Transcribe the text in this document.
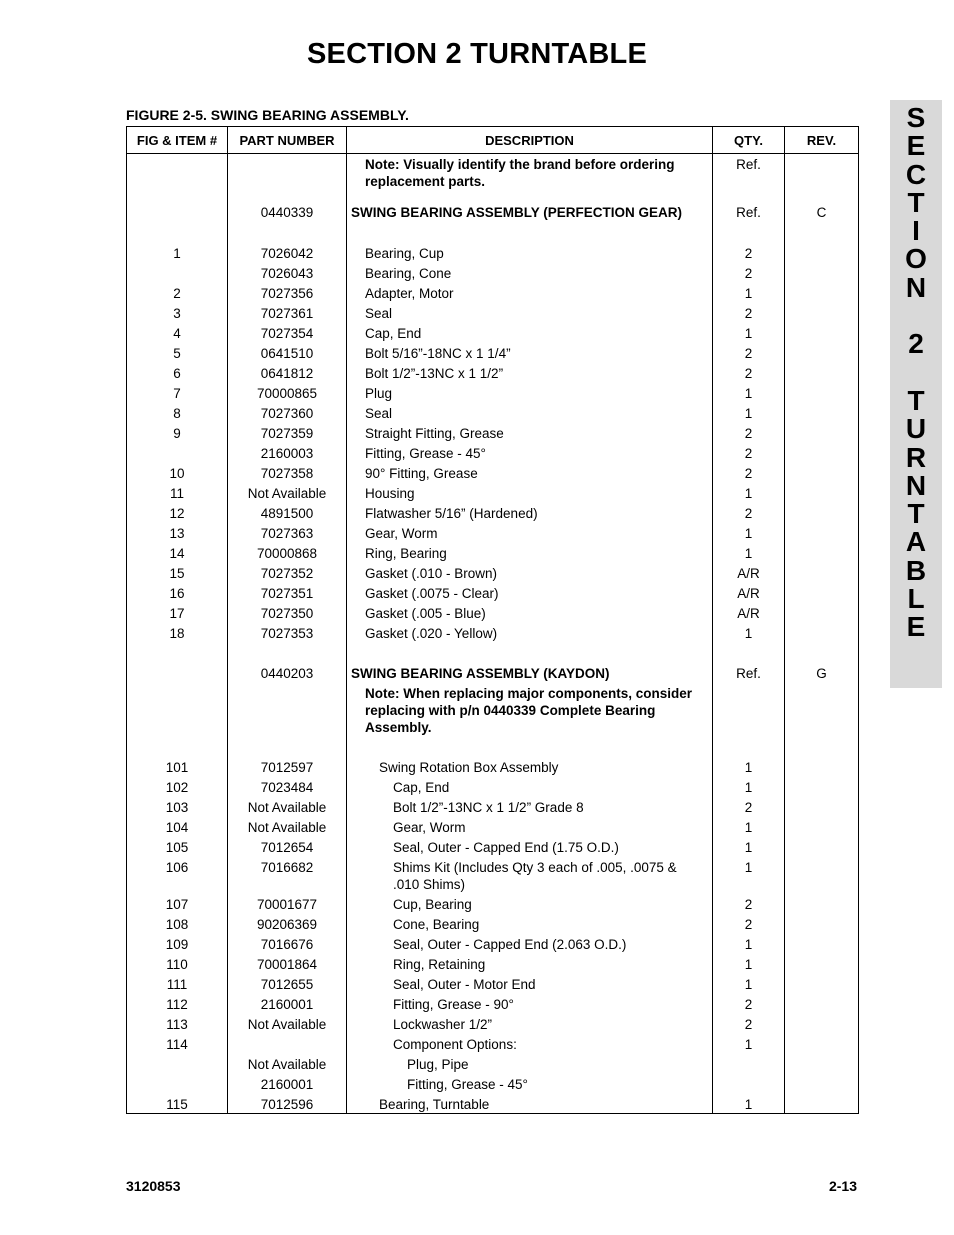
SECTION 2 TURNTABLE
S
E
C
T
I
O
N
2
T
U
R
N
T
A
B
L
E
FIGURE 2-5. SWING BEARING ASSEMBLY.
FIG & ITEM #	PART NUMBER	DESCRIPTION	QTY.	REV.
		Note: Visually identify the brand before ordering replacement parts.	Ref.	
	0440339	SWING BEARING ASSEMBLY (PERFECTION GEAR)	Ref.	C
1	7026042	Bearing, Cup	2	
	7026043	Bearing, Cone	2	
2	7027356	Adapter, Motor	1	
3	7027361	Seal	2	
4	7027354	Cap, End	1	
5	0641510	Bolt 5/16”-18NC x 1 1/4”	2	
6	0641812	Bolt 1/2”-13NC x 1 1/2”	2	
7	70000865	Plug	1	
8	7027360	Seal	1	
9	7027359	Straight Fitting, Grease	2	
	2160003	Fitting, Grease - 45°	2	
10	7027358	90° Fitting, Grease	2	
11	Not Available	Housing	1	
12	4891500	Flatwasher 5/16” (Hardened)	2	
13	7027363	Gear, Worm	1	
14	70000868	Ring, Bearing	1	
15	7027352	Gasket (.010 - Brown)	A/R	
16	7027351	Gasket (.0075 - Clear)	A/R	
17	7027350	Gasket (.005 - Blue)	A/R	
18	7027353	Gasket (.020 - Yellow)	1	
	0440203	SWING BEARING ASSEMBLY (KAYDON)	Ref.	G
		Note: When replacing major components, consider replacing with p/n 0440339 Complete Bearing Assembly.		
101	7012597	Swing Rotation Box Assembly	1	
102	7023484	Cap, End	1	
103	Not Available	Bolt 1/2”-13NC x 1 1/2” Grade 8	2	
104	Not Available	Gear, Worm	1	
105	7012654	Seal, Outer - Capped End (1.75 O.D.)	1	
106	7016682	Shims Kit (Includes Qty 3 each of .005, .0075 & .010 Shims)	1	
107	70001677	Cup, Bearing	2	
108	90206369	Cone, Bearing	2	
109	7016676	Seal, Outer - Capped End (2.063 O.D.)	1	
110	70001864	Ring, Retaining	1	
111	7012655	Seal, Outer - Motor End	1	
112	2160001	Fitting, Grease - 90°	2	
113	Not Available	Lockwasher 1/2”	2	
114		Component Options:	1	
	Not Available	Plug, Pipe		
	2160001	Fitting, Grease - 45°		
115	7012596	Bearing, Turntable	1	
3120853	2-13
